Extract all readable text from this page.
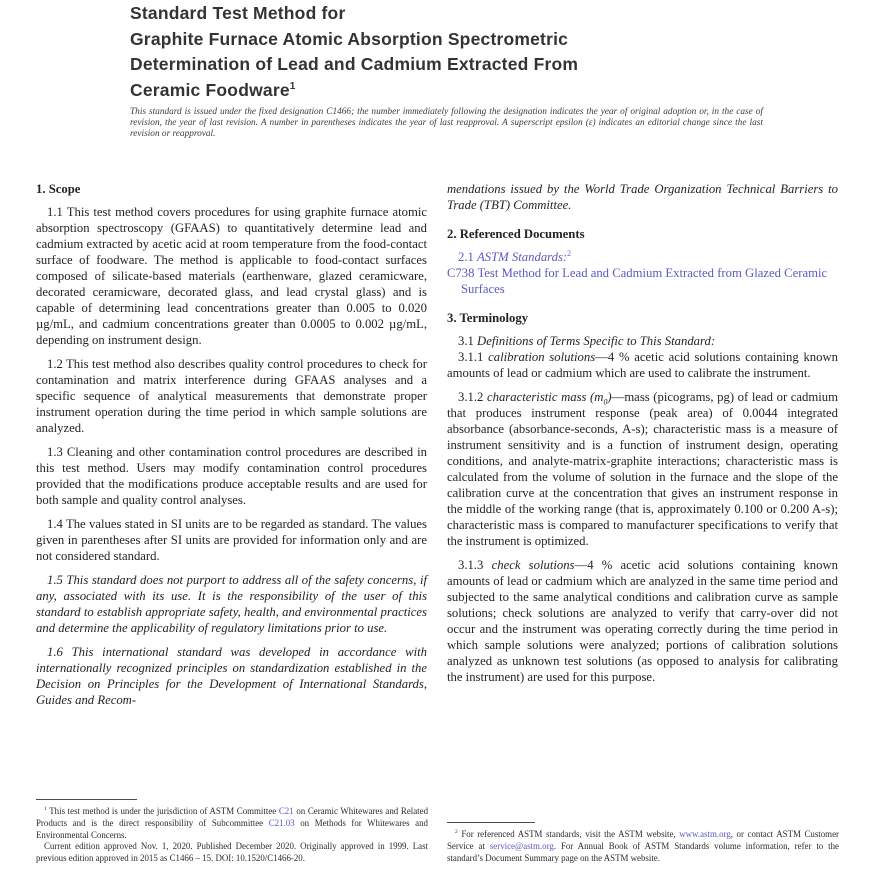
Standard Test Method for
Graphite Furnace Atomic Absorption Spectrometric
Determination of Lead and Cadmium Extracted From
Ceramic Foodware$^1$

This standard is issued under the fixed designation C1466; the number immediately following the designation indicates the year of original adoption or, in the case of revision, the year of last revision. A number in parentheses indicates the year of last reapproval. A superscript epsilon (ε) indicates an editorial change since the last revision or reapproval.

1. Scope

1.1 This test method covers procedures for using graphite furnace atomic absorption spectroscopy (GFAAS) to quantitatively determine lead and cadmium extracted by acetic acid at room temperature from the food-contact surface of foodware. The method is applicable to food-contact surfaces composed of silicate-based materials (earthenware, glazed ceramicware, decorated ceramicware, decorated glass, and lead crystal glass) and is capable of determining lead concentrations greater than 0.005 to 0.020 µg/mL, and cadmium concentrations greater than 0.0005 to 0.002 µg/mL, depending on instrument design.

1.2 This test method also describes quality control procedures to check for contamination and matrix interference during GFAAS analyses and a specific sequence of analytical measurements that demonstrate proper instrument operation during the time period in which sample solutions are analyzed.

1.3 Cleaning and other contamination control procedures are described in this test method. Users may modify contamination control procedures provided that the modifications produce acceptable results and are used for both sample and quality control analyses.

1.4 The values stated in SI units are to be regarded as standard. The values given in parentheses after SI units are provided for information only and are not considered standard.

1.5 This standard does not purport to address all of the safety concerns, if any, associated with its use. It is the responsibility of the user of this standard to establish appropriate safety, health, and environmental practices and determine the applicability of regulatory limitations prior to use.

1.6 This international standard was developed in accordance with internationally recognized principles on standardization established in the Decision on Principles for the Development of International Standards, Guides and Recom-

mendations issued by the World Trade Organization Technical Barriers to Trade (TBT) Committee.

2. Referenced Documents

2.1 ASTM Standards:$^2$

C738 Test Method for Lead and Cadmium Extracted from Glazed Ceramic Surfaces

3. Terminology

3.1 Definitions of Terms Specific to This Standard:

3.1.1 calibration solutions—4 % acetic acid solutions containing known amounts of lead or cadmium which are used to calibrate the instrument.

3.1.2 characteristic mass $(m_0)—mass$ (picograms, pg) of lead or cadmium that produces instrument response (peak area) of 0.0044 integrated absorbance (absorbance-seconds, A-s); characteristic mass is a measure of instrument sensitivity and is a function of instrument design, operating conditions, and analyte-matrix-graphite interactions; characteristic mass is calculated from the volume of solution in the furnace and the slope of the calibration curve at the concentration that gives an instrument response in the middle of the working range (that is, approximately 0.100 or 0.200 A-s); characteristic mass is compared to manufacturer specifications to verify that the instrument is optimized.

3.1.3 check solutions—4 % acetic acid solutions containing known amounts of lead or cadmium which are analyzed in the same time period and subjected to the same analytical conditions and calibration curve as sample solutions; check solutions are analyzed to verify that carry-over did not occur and the instrument was operating correctly during the time period in which sample solutions were analyzed; portions of calibration solutions analyzed as unknown test solutions (as opposed to analysis for calibrating the instrument) are used for this purpose.

$^1$ This test method is under the jurisdiction of ASTM Committee C21 on Ceramic Whitewares and Related Products and is the direct responsibility of Subcommittee C21.03 on Methods for Whitewares and Environmental Concerns.

Current edition approved Nov. 1, 2020. Published December 2020. Originally approved in 1999. Last previous edition approved in 2015 as C1466 – 15. DOI: 10.1520/C1466-20.

$^2$ For referenced ASTM standards, visit the ASTM website, www.astm.org, or contact ASTM Customer Service at service@astm.org. For Annual Book of ASTM Standards volume information, refer to the standard’s Document Summary page on the ASTM website.
